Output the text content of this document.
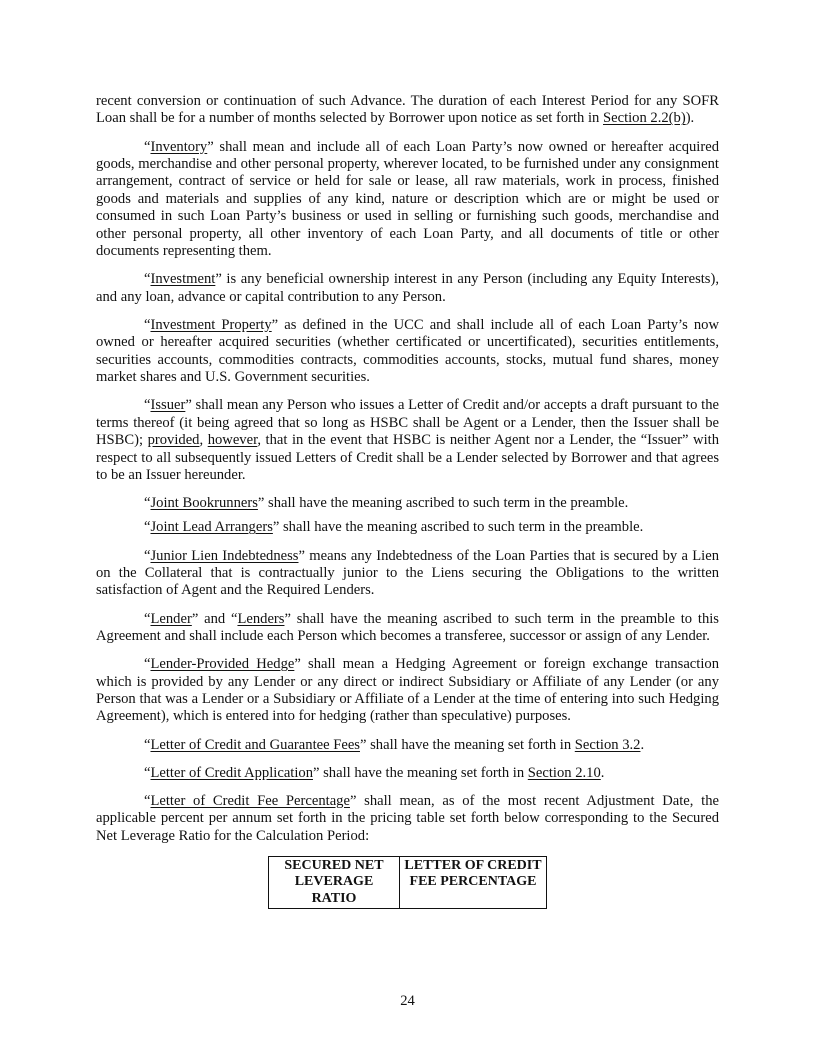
recent conversion or continuation of such Advance. The duration of each Interest Period for any SOFR Loan shall be for a number of months selected by Borrower upon notice as set forth in Section 2.2(b)).

“Inventory” shall mean and include all of each Loan Party’s now owned or hereafter acquired goods, merchandise and other personal property, wherever located, to be furnished under any consignment arrangement, contract of service or held for sale or lease, all raw materials, work in process, finished goods and materials and supplies of any kind, nature or description which are or might be used or consumed in such Loan Party’s business or used in selling or furnishing such goods, merchandise and other personal property, all other inventory of each Loan Party, and all documents of title or other documents representing them.

“Investment” is any beneficial ownership interest in any Person (including any Equity Interests), and any loan, advance or capital contribution to any Person.

“Investment Property” as defined in the UCC and shall include all of each Loan Party’s now owned or hereafter acquired securities (whether certificated or uncertificated), securities entitlements, securities accounts, commodities contracts, commodities accounts, stocks, mutual fund shares, money market shares and U.S. Government securities.

“Issuer” shall mean any Person who issues a Letter of Credit and/or accepts a draft pursuant to the terms thereof (it being agreed that so long as HSBC shall be Agent or a Lender, then the Issuer shall be HSBC); provided, however, that in the event that HSBC is neither Agent nor a Lender, the “Issuer” with respect to all subsequently issued Letters of Credit shall be a Lender selected by Borrower and that agrees to be an Issuer hereunder.

“Joint Bookrunners” shall have the meaning ascribed to such term in the preamble.

“Joint Lead Arrangers” shall have the meaning ascribed to such term in the preamble.

“Junior Lien Indebtedness” means any Indebtedness of the Loan Parties that is secured by a Lien on the Collateral that is contractually junior to the Liens securing the Obligations to the written satisfaction of Agent and the Required Lenders.

“Lender” and “Lenders” shall have the meaning ascribed to such term in the preamble to this Agreement and shall include each Person which becomes a transferee, successor or assign of any Lender.

“Lender-Provided Hedge” shall mean a Hedging Agreement or foreign exchange transaction which is provided by any Lender or any direct or indirect Subsidiary or Affiliate of any Lender (or any Person that was a Lender or a Subsidiary or Affiliate of a Lender at the time of entering into such Hedging Agreement), which is entered into for hedging (rather than speculative) purposes.

“Letter of Credit and Guarantee Fees” shall have the meaning set forth in Section 3.2.

“Letter of Credit Application” shall have the meaning set forth in Section 2.10.

“Letter of Credit Fee Percentage” shall mean, as of the most recent Adjustment Date, the applicable percent per annum set forth in the pricing table set forth below corresponding to the Secured Net Leverage Ratio for the Calculation Period:

SECURED NET LEVERAGE RATIO	LETTER OF CREDIT FEE PERCENTAGE
24
